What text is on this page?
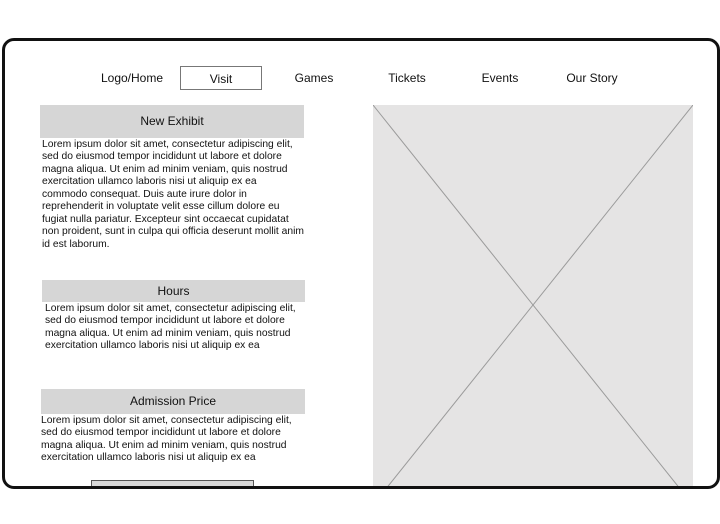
Logo/Home	Visit	Games	Tickets	Events	Our Story
New Exhibit

Lorem ipsum dolor sit amet, consectetur adipiscing elit, sed do eiusmod tempor incididunt ut labore et dolore magna aliqua. Ut enim ad minim veniam, quis nostrud exercitation ullamco laboris nisi ut aliquip ex ea commodo consequat. Duis aute irure dolor in reprehenderit in voluptate velit esse cillum dolore eu fugiat nulla pariatur. Excepteur sint occaecat cupidatat non proident, sunt in culpa qui officia deserunt mollit anim id est laborum.

Hours

Lorem ipsum dolor sit amet, consectetur adipiscing elit, sed do eiusmod tempor incididunt ut labore et dolore magna aliqua. Ut enim ad minim veniam, quis nostrud exercitation ullamco laboris nisi ut aliquip ex ea

Admission Price

Lorem ipsum dolor sit amet, consectetur adipiscing elit, sed do eiusmod tempor incididunt ut labore et dolore magna aliqua. Ut enim ad minim veniam, quis nostrud exercitation ullamco laboris nisi ut aliquip ex ea
